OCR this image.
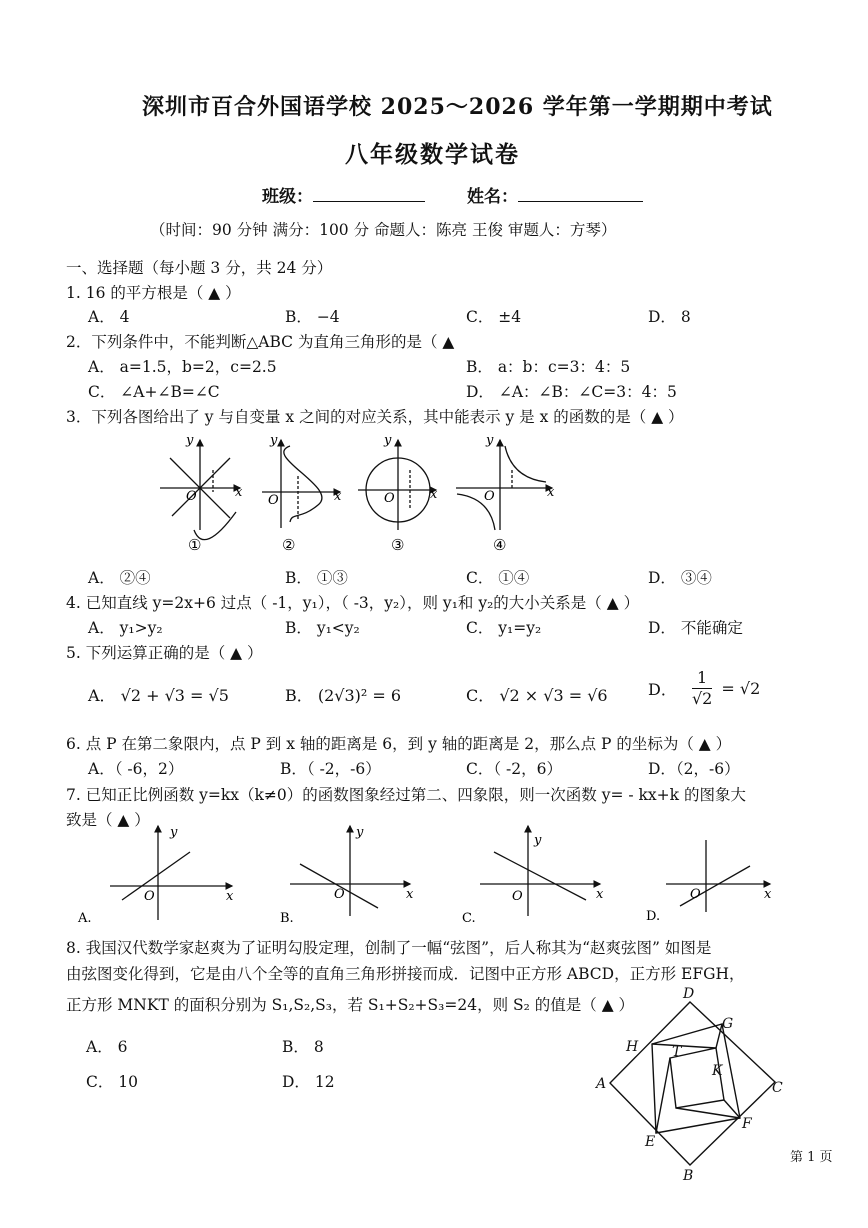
深圳市百合外国语学校 2025～2026 学年第一学期期中考试
八年级数学试卷
班级：	姓名：
（时间：90 分钟 满分：100 分 命题人：陈亮 王俊 审题人：方琴）
一、选择题（每小题 3 分，共 24 分）
1. 16 的平方根是（ ▲ ）
A． 4	B． −4	C． ±4	D． 8
2．下列条件中，不能判断△ABC 为直角三角形的是（ ▲
A． a=1.5，b=2，c=2.5	B． a：b：c=3：4：5
C． ∠A+∠B=∠C	D． ∠A：∠B：∠C=3：4：5
3．下列各图给出了 y 与自变量 x 之间的对应关系，其中能表示 y 是 x 的函数的是（ ▲ ）
y
x
O
①
y
x
O
②
y
x
O
③
y
x
O
④
A． ②④	B． ①③	C． ①④	D． ③④
4. 已知直线 y=2x+6 过点（ -1，y₁），（ -3，y₂），则 y₁和 y₂的大小关系是（ ▲ ）
A． y₁>y₂	B． y₁<y₂	C． y₁=y₂	D． 不能确定
5. 下列运算正确的是（ ▲ ）
A． √2 + √3 = √5	B． (2√3)² = 6	C． √2 × √3 = √6	D． $\frac{1}{√2} = √2$
6. 点 P 在第二象限内，点 P 到 x 轴的距离是 6，到 y 轴的距离是 2，那么点 P 的坐标为（ ▲ ）
A．（ -6，2）	B．（ -2，-6）	C．（ -2，6）	D．（2，-6）
7. 已知正比例函数 y=kx（k≠0）的函数图象经过第二、四象限，则一次函数 y= - kx+k 的图象大
致是（ ▲ ）
y
x
O
A.
y
x
O
B.
y
x
O
C.
x
O
D.
8. 我国汉代数学家赵爽为了证明勾股定理，创制了一幅“弦图”，后人称其为“赵爽弦图” 如图是
由弦图变化得到，它是由八个全等的直角三角形拼接而成．记图中正方形 ABCD，正方形 EFGH，
正方形 MNKT 的面积分别为 S₁,S₂,S₃，若 S₁+S₂+S₃=24，则 S₂ 的值是（ ▲ ）
A． 6	B． 8
C． 10	D． 12
D
G
H T
K
A	C
E
F
B
第 1 页
